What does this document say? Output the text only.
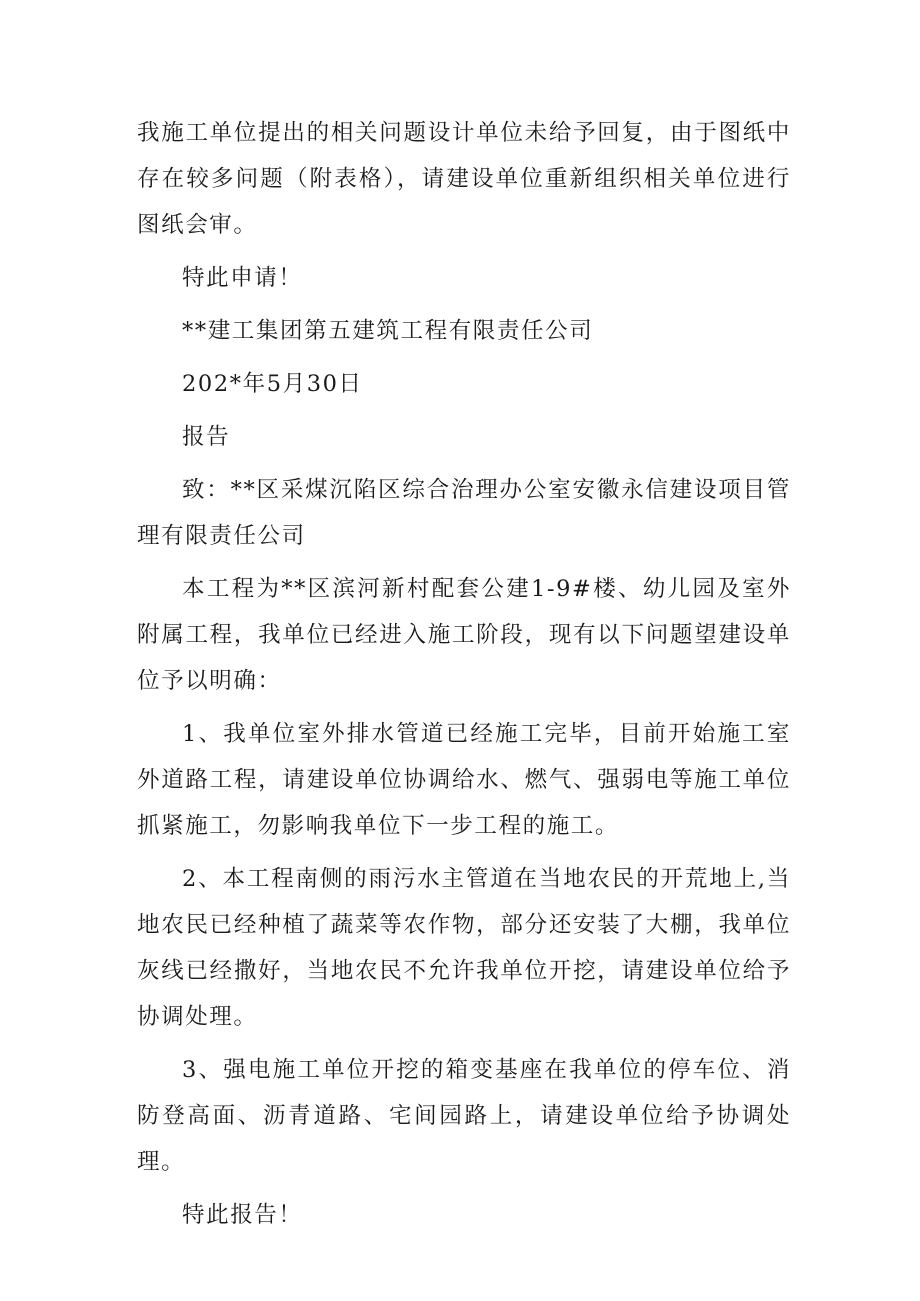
我施工单位提出的相关问题设计单位未给予回复，由于图纸中存在较多问题（附表格），请建设单位重新组织相关单位进行图纸会审。

特此申请！

**建工集团第五建筑工程有限责任公司

202*年5月30日

报告

致：**区采煤沉陷区综合治理办公室安徽永信建设项目管理有限责任公司

本工程为**区滨河新村配套公建1-9#楼、幼儿园及室外附属工程，我单位已经进入施工阶段，现有以下问题望建设单位予以明确：

1、我单位室外排水管道已经施工完毕，目前开始施工室外道路工程，请建设单位协调给水、燃气、强弱电等施工单位抓紧施工，勿影响我单位下一步工程的施工。

2、本工程南侧的雨污水主管道在当地农民的开荒地上,当地农民已经种植了蔬菜等农作物，部分还安装了大棚，我单位灰线已经撒好，当地农民不允许我单位开挖，请建设单位给予协调处理。

3、强电施工单位开挖的箱变基座在我单位的停车位、消防登高面、沥青道路、宅间园路上，请建设单位给予协调处理。

特此报告！
